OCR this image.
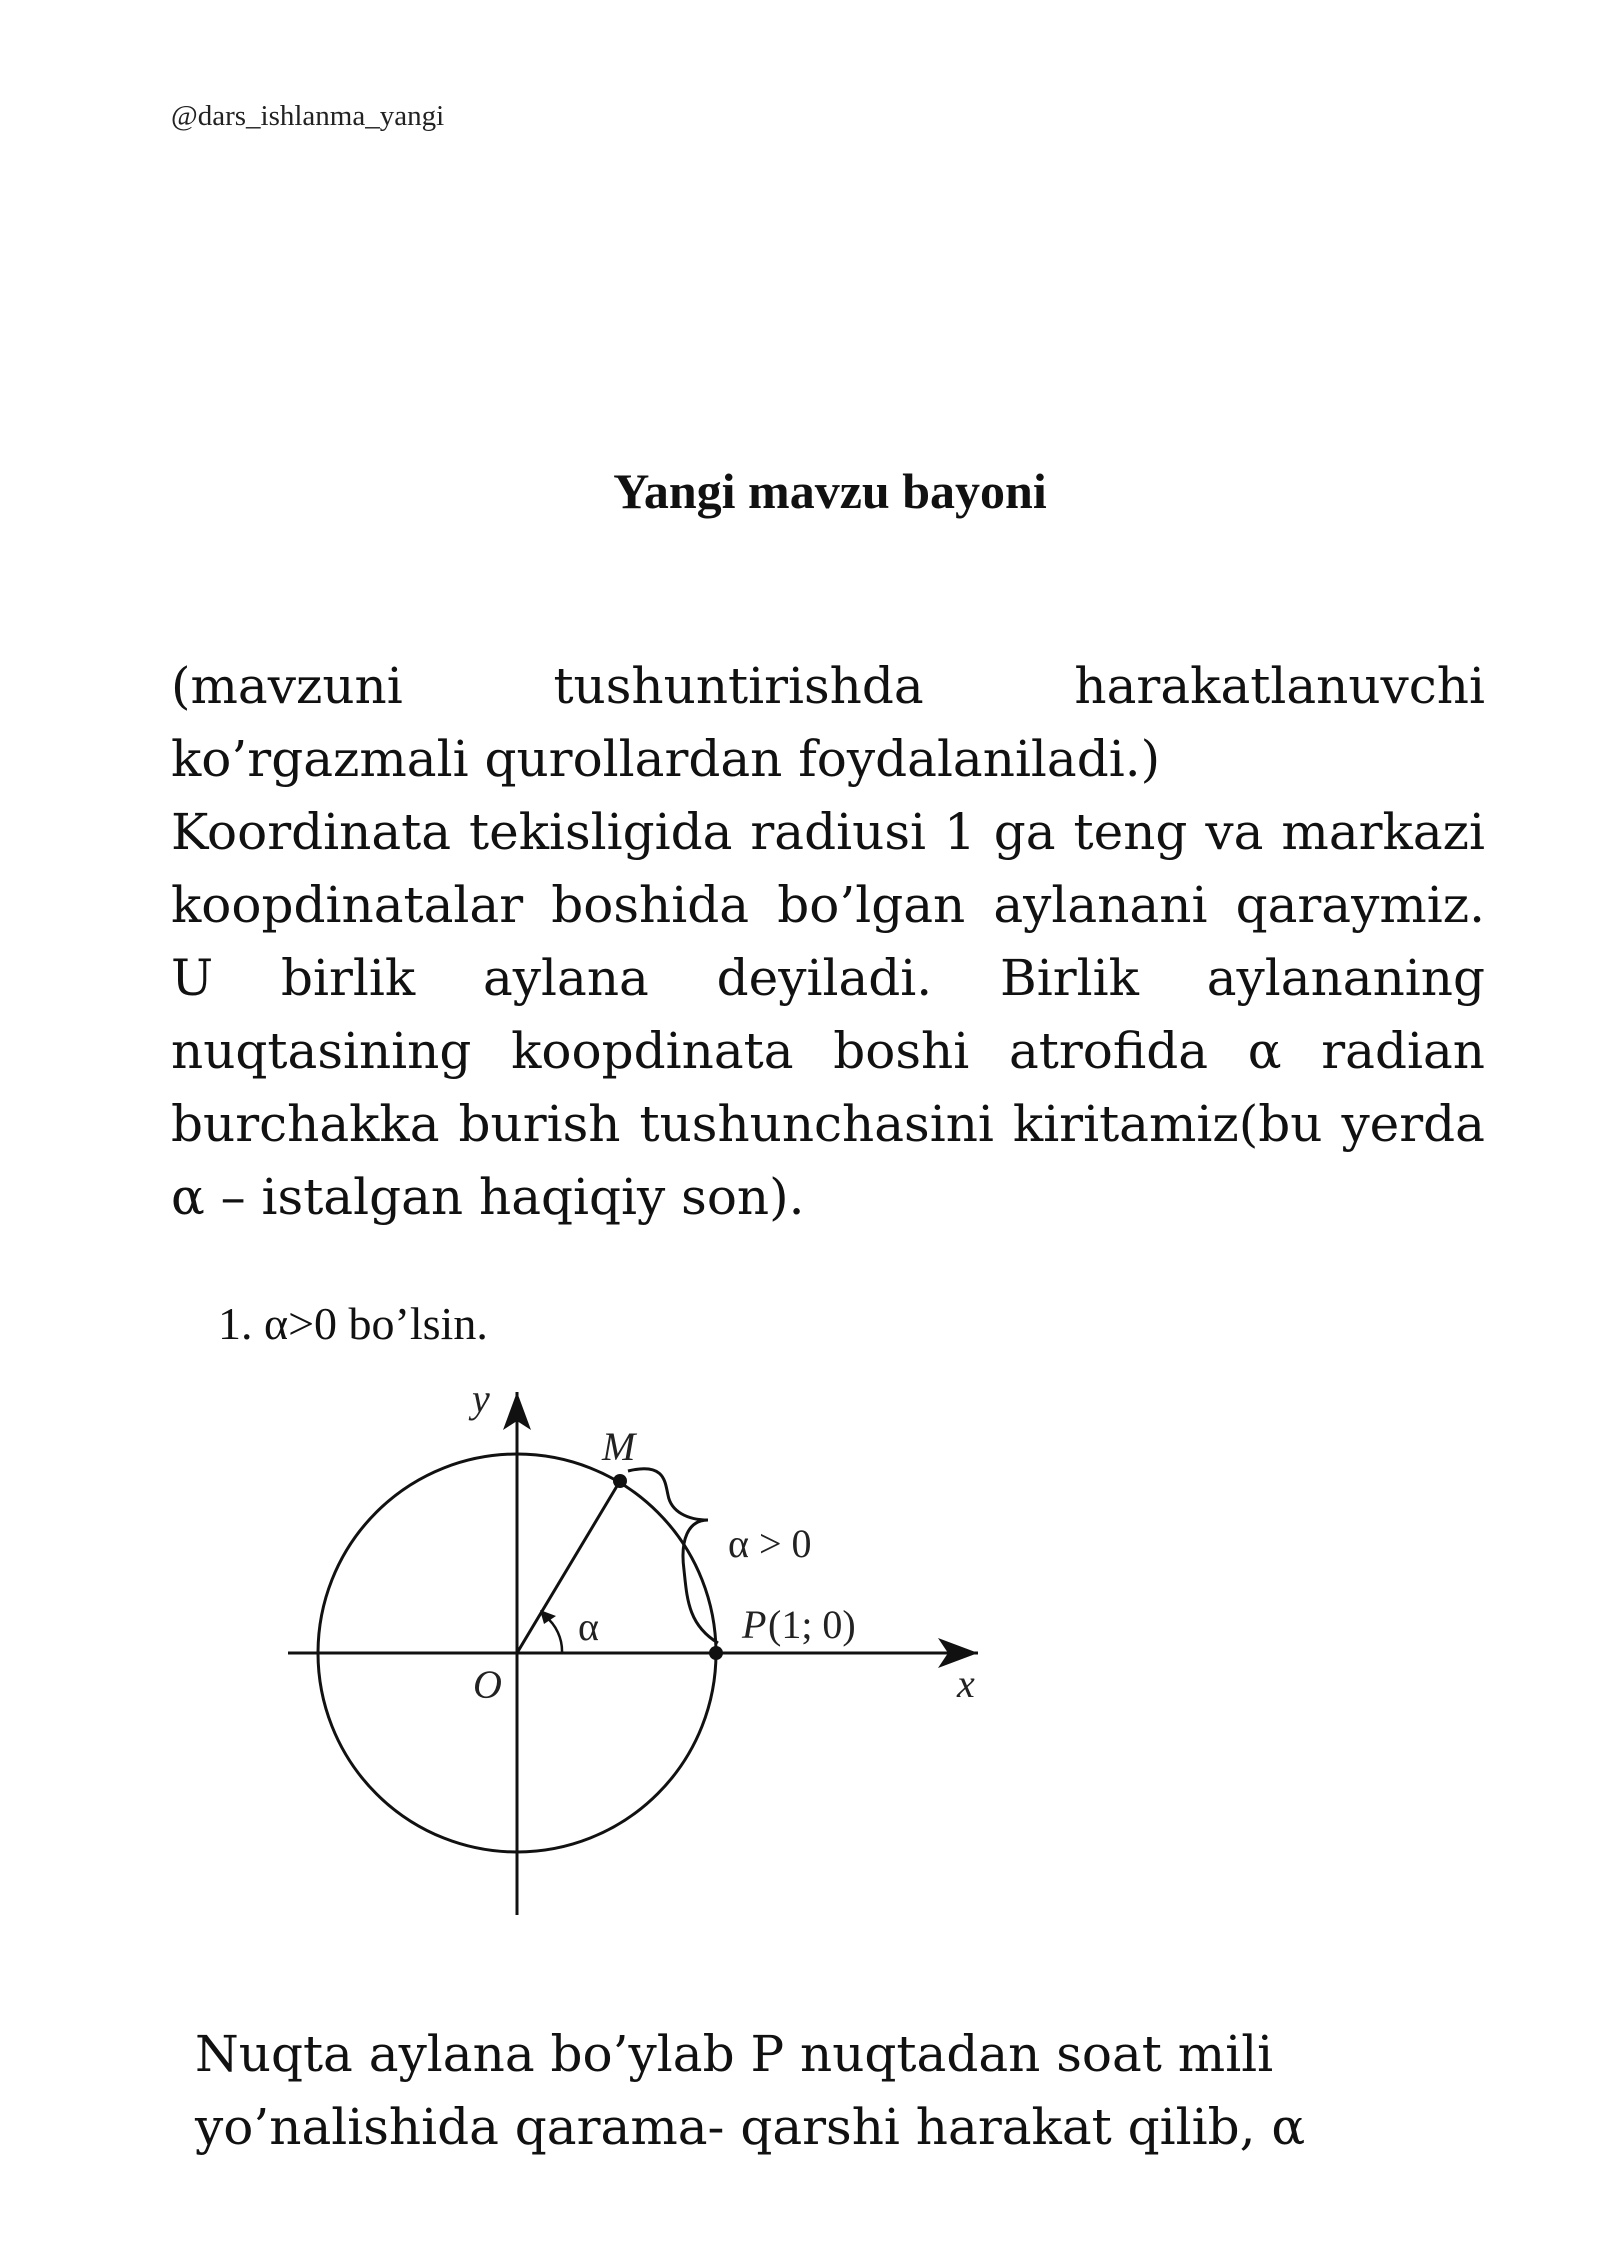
@dars_ishlanma_yangi
Yangi mavzu bayoni

(mavzuni tushuntirishda harakatlanuvchi ko’rgazmali qurollardan foydalaniladi.)

Koordinata tekisligida radiusi 1 ga teng va markazi koopdinatalar boshida bo’lgan aylanani qaraymiz. U birlik aylana deyiladi. Birlik aylananing nuqtasining koopdinata boshi atrofida α radian burchakka burish tushunchasini kiritamiz(bu yerda α – istalgan haqiqiy son).

1. α>0 bo’lsin.
y
x
O
M
α
α > 0
P (1; 0)

Nuqta aylana bo’ylab P nuqtadan soat mili

yo’nalishida qarama- qarshi harakat qilib, α
